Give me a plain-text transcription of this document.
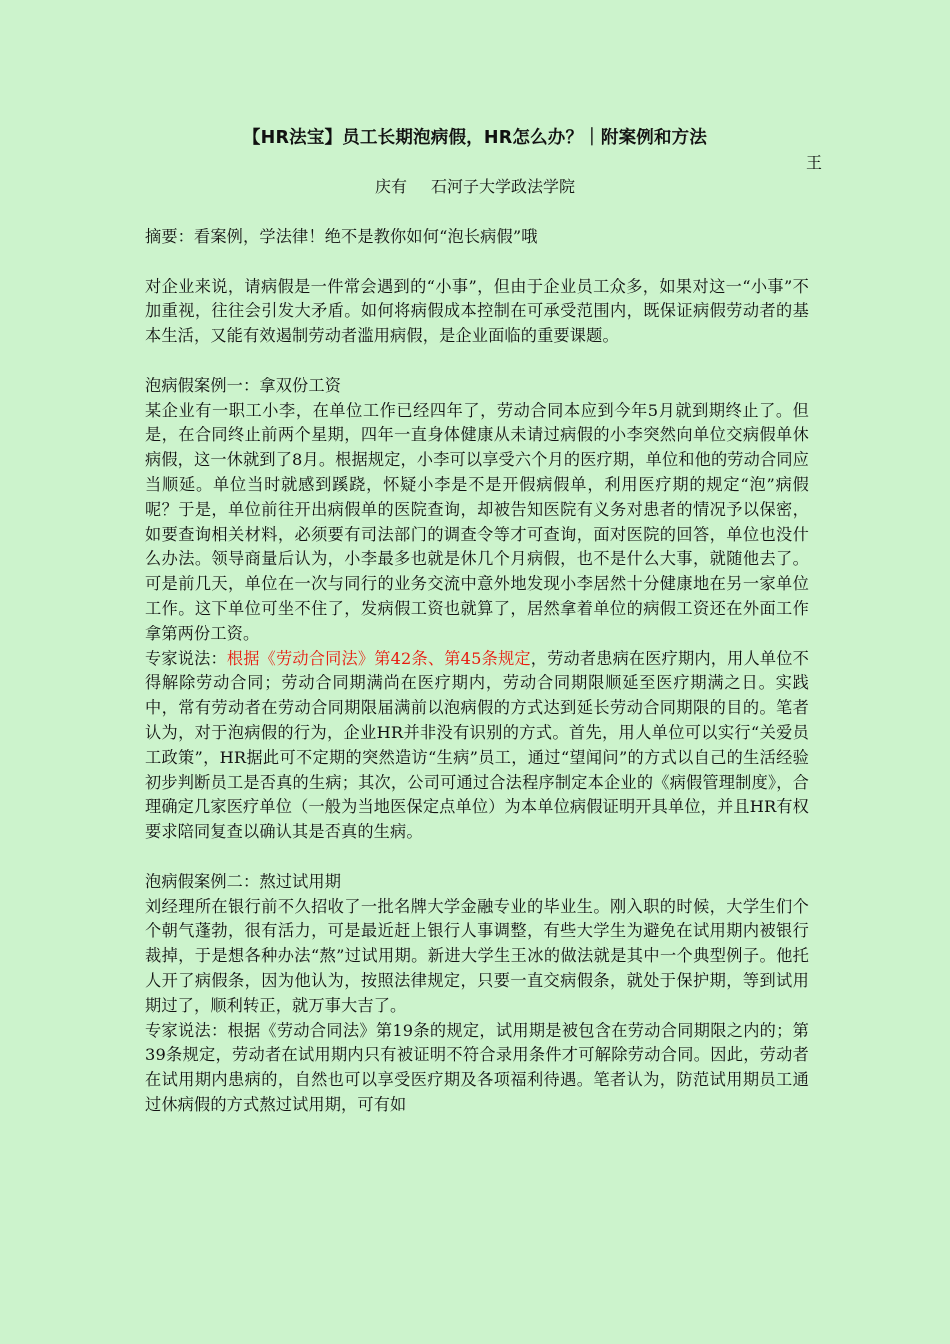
【HR法宝】员工长期泡病假，HR怎么办？｜附案例和方法
王
庆有 石河子大学政法学院

摘要：看案例，学法律！绝不是教你如何“泡长病假”哦

对企业来说，请病假是一件常会遇到的“小事”，但由于企业员工众多，如果对这一“小事”不加重视，往往会引发大矛盾。如何将病假成本控制在可承受范围内，既保证病假劳动者的基本生活，又能有效遏制劳动者滥用病假，是企业面临的重要课题。

泡病假案例一：拿双份工资

某企业有一职工小李，在单位工作已经四年了，劳动合同本应到今年5月就到期终止了。但是，在合同终止前两个星期，四年一直身体健康从未请过病假的小李突然向单位交病假单休病假，这一休就到了8月。根据规定，小李可以享受六个月的医疗期，单位和他的劳动合同应当顺延。单位当时就感到蹊跷，怀疑小李是不是开假病假单，利用医疗期的规定“泡”病假呢？于是，单位前往开出病假单的医院查询，却被告知医院有义务对患者的情况予以保密，如要查询相关材料，必须要有司法部门的调查令等才可查询，面对医院的回答，单位也没什么办法。领导商量后认为，小李最多也就是休几个月病假，也不是什么大事，就随他去了。可是前几天，单位在一次与同行的业务交流中意外地发现小李居然十分健康地在另一家单位工作。这下单位可坐不住了，发病假工资也就算了，居然拿着单位的病假工资还在外面工作拿第两份工资。

专家说法：根据《劳动合同法》第42条、第45条规定，劳动者患病在医疗期内，用人单位不得解除劳动合同；劳动合同期满尚在医疗期内，劳动合同期限顺延至医疗期满之日。实践中，常有劳动者在劳动合同期限届满前以泡病假的方式达到延长劳动合同期限的目的。笔者认为，对于泡病假的行为，企业HR并非没有识别的方式。首先，用人单位可以实行“关爱员工政策”，HR据此可不定期的突然造访“生病”员工，通过“望闻问”的方式以自己的生活经验初步判断员工是否真的生病；其次，公司可通过合法程序制定本企业的《病假管理制度》，合理确定几家医疗单位（一般为当地医保定点单位）为本单位病假证明开具单位，并且HR有权要求陪同复查以确认其是否真的生病。

泡病假案例二：熬过试用期

刘经理所在银行前不久招收了一批名牌大学金融专业的毕业生。刚入职的时候，大学生们个个朝气蓬勃，很有活力，可是最近赶上银行人事调整，有些大学生为避免在试用期内被银行裁掉，于是想各种办法“熬”过试用期。新进大学生王冰的做法就是其中一个典型例子。他托人开了病假条，因为他认为，按照法律规定，只要一直交病假条，就处于保护期，等到试用期过了，顺利转正，就万事大吉了。

专家说法：根据《劳动合同法》第19条的规定，试用期是被包含在劳动合同期限之内的；第39条规定，劳动者在试用期内只有被证明不符合录用条件才可解除劳动合同。因此，劳动者在试用期内患病的，自然也可以享受医疗期及各项福利待遇。笔者认为，防范试用期员工通过休病假的方式熬过试用期，可有如
